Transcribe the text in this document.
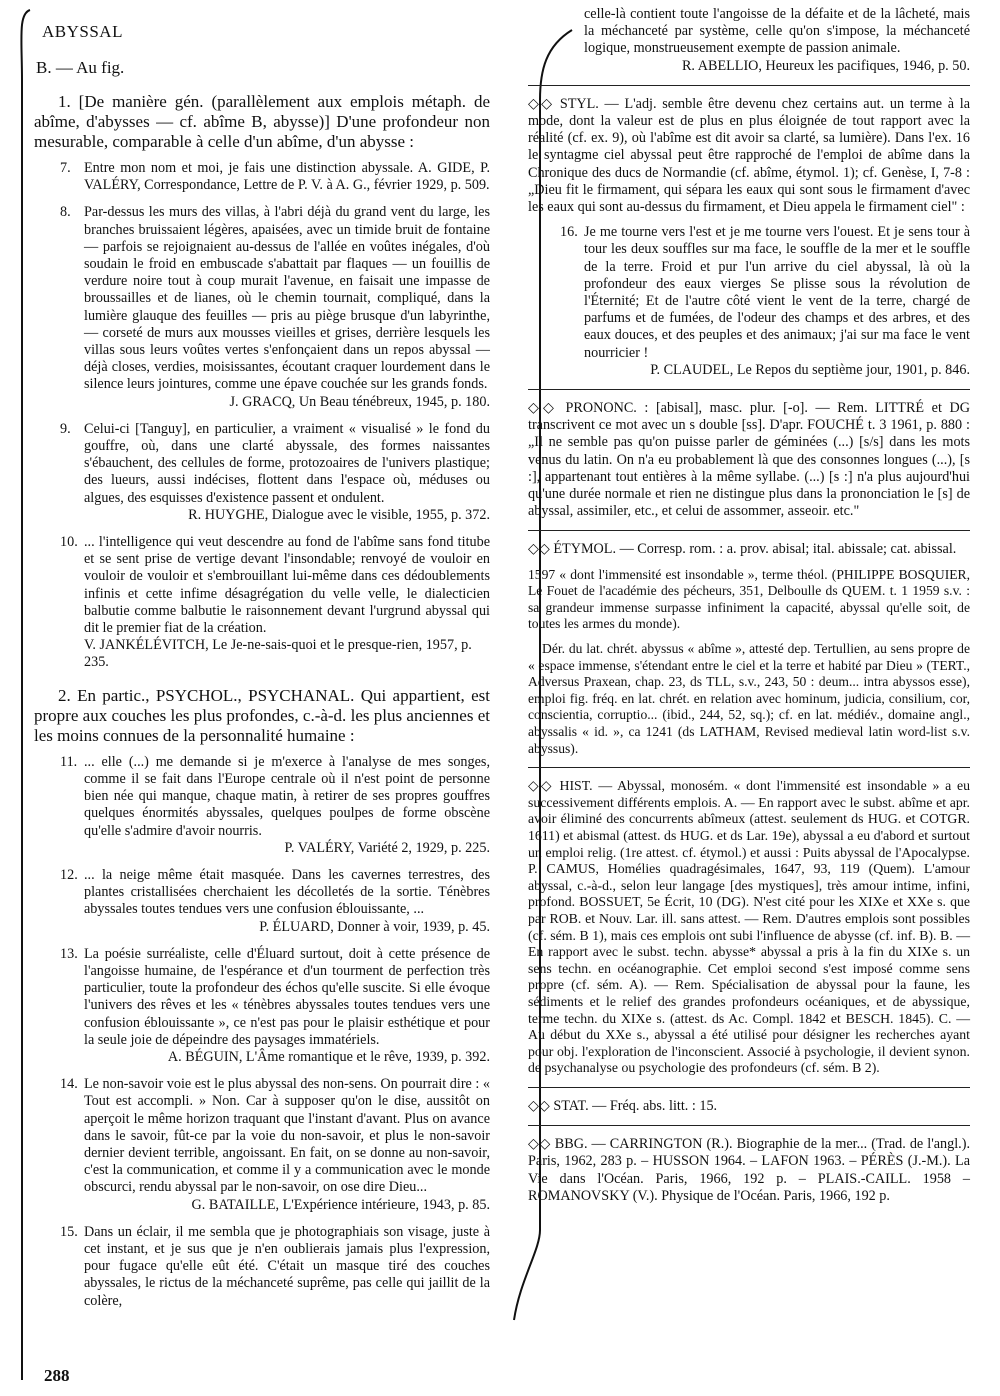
ABYSSAL

B. — Au fig.

1. [De manière gén. (parallèlement aux emplois métaph. de abîme, d'abysses — cf. abîme B, abysse)] D'une profondeur non mesurable, comparable à celle d'un abîme, d'un abysse :

7. Entre mon nom et moi, je fais une distinction abyssale. A. GIDE, P. VALÉRY, Correspondance, Lettre de P. V. à A. G., février 1929, p. 509.
8. Par-dessus les murs des villas, à l'abri déjà du grand vent du large, les branches bruissaient légères, apaisées, avec un timide bruit de fontaine — parfois se rejoignaient au-dessus de l'allée en voûtes inégales, d'où soudain le froid en embuscade s'abattait par flaques — un fouillis de verdure noire tout à coup murait l'avenue, en faisait une impasse de broussailles et de lianes, où le chemin tournait, compliqué, dans la lumière glauque des feuilles — pris au piège brusque d'un labyrinthe, — corseté de murs aux mousses vieilles et grises, derrière lesquels les villas sous leurs voûtes vertes s'enfonçaient dans un repos abyssal — déjà closes, verdies, moisissantes, écoutant craquer lourdement dans le silence leurs jointures, comme une épave couchée sur les grands fonds.
J. GRACQ, Un Beau ténébreux, 1945, p. 180.
9. Celui-ci [Tanguy], en particulier, a vraiment « visualisé » le fond du gouffre, où, dans une clarté abyssale, des formes naissantes s'ébauchent, des cellules de forme, protozoaires de l'univers plastique; des lueurs, aussi indécises, flottent dans l'espace où, méduses ou algues, des esquisses d'existence passent et ondulent.
R. HUYGHE, Dialogue avec le visible, 1955, p. 372.
10. ... l'intelligence qui veut descendre au fond de l'abîme sans fond titube et se sent prise de vertige devant l'insondable; renvoyé de vouloir en vouloir de vouloir et s'embrouillant lui-même dans ces dédoublements infinis et cette infime désagrégation du velle velle, le dialecticien balbutie comme balbutie le raisonnement devant l'urgrund abyssal qui dit le premier fiat de la création.
V. JANKÉLÉVITCH, Le Je-ne-sais-quoi et le presque-rien, 1957, p. 235.

2. En partic., PSYCHOL., PSYCHANAL. Qui appartient, est propre aux couches les plus profondes, c.-à-d. les plus anciennes et les moins connues de la personnalité humaine :

11. ... elle (...) me demande si je m'exerce à l'analyse de mes songes, comme il se fait dans l'Europe centrale où il n'est point de personne bien née qui manque, chaque matin, à retirer de ses propres gouffres quelques énormités abyssales, quelques poulpes de forme obscène qu'elle s'admire d'avoir nourris.
P. VALÉRY, Variété 2, 1929, p. 225.
12. ... la neige même était masquée. Dans les cavernes terrestres, des plantes cristallisées cherchaient les décolletés de la sortie. Ténèbres abyssales toutes tendues vers une confusion éblouissante, ...
P. ÉLUARD, Donner à voir, 1939, p. 45.
13. La poésie surréaliste, celle d'Éluard surtout, doit à cette présence de l'angoisse humaine, de l'espérance et d'un tourment de perfection très particulier, toute la profondeur des échos qu'elle suscite. Si elle évoque l'univers des rêves et les « ténèbres abyssales toutes tendues vers une confusion éblouissante », ce n'est pas pour le plaisir esthétique et pour la seule joie de dépeindre des paysages immatériels.
A. BÉGUIN, L'Âme romantique et le rêve, 1939, p. 392.
14. Le non-savoir voie est le plus abyssal des non-sens. On pourrait dire : « Tout est accompli. » Non. Car à supposer qu'on le dise, aussitôt on aperçoit le même horizon traquant que l'instant d'avant. Plus on avance dans le savoir, fût-ce par la voie du non-savoir, et plus le non-savoir dernier devient terrible, angoissant. En fait, on se donne au non-savoir, c'est la communication, et comme il y a communication avec le monde obscurci, rendu abyssal par le non-savoir, on ose dire Dieu...
G. BATAILLE, L'Expérience intérieure, 1943, p. 85.
15. Dans un éclair, il me sembla que je photographiais son visage, juste à cet instant, et je sus que je n'en oublierais jamais plus l'expression, pour fugace qu'elle eût été. C'était un masque tiré des couches abyssales, le rictus de la méchanceté suprême, pas celle qui jaillit de la colère,
288
celle-là contient toute l'angoisse de la défaite et de la lâcheté, mais la méchanceté par système, celle qu'on s'impose, la méchanceté logique, monstrueusement exempte de passion animale.
R. ABELLIO, Heureux les pacifiques, 1946, p. 50.

◇◇ STYL. — L'adj. semble être devenu chez certains aut. un terme à la mode, dont la valeur est de plus en plus éloignée de tout rapport avec la réalité (cf. ex. 9), où l'abîme est dit avoir sa clarté, sa lumière). Dans l'ex. 16 le syntagme ciel abyssal peut être rapproché de l'emploi de abîme dans la Chronique des ducs de Normandie (cf. abîme, étymol. 1); cf. Genèse, I, 7-8 : „Dieu fit le firmament, qui sépara les eaux qui sont sous le firmament d'avec les eaux qui sont au-dessus du firmament, et Dieu appela le firmament ciel" :

16. Je me tourne vers l'est et je me tourne vers l'ouest. Et je sens tour à tour les deux souffles sur ma face, le souffle de la mer et le souffle de la terre. Froid et pur l'un arrive du ciel abyssal, là où la profondeur des eaux vierges Se plisse sous la révolution de l'Éternité; Et de l'autre côté vient le vent de la terre, chargé de parfums et de fumées, de l'odeur des champs et des arbres, et des eaux douces, et des peuples et des animaux; j'ai sur ma face le vent nourricier !
P. CLAUDEL, Le Repos du septième jour, 1901, p. 846.

◇◇ PRONONC. : [abisal], masc. plur. [-o]. — Rem. LITTRÉ et DG transcrivent ce mot avec un s double [ss]. D'apr. FOUCHÉ t. 3 1961, p. 880 : „Il ne semble pas qu'on puisse parler de géminées (...) [s/s] dans les mots venus du latin. On n'a eu probablement là que des consonnes longues (...), [s :], appartenant tout entières à la même syllabe. (...) [s :] n'a plus aujourd'hui qu'une durée normale et rien ne distingue plus dans la prononciation le [s] de abyssal, assimiler, etc., et celui de assommer, asseoir. etc."

◇◇ ÉTYMOL. — Corresp. rom. : a. prov. abisal; ital. abissale; cat. abissal.

1597 « dont l'immensité est insondable », terme théol. (PHILIPPE BOSQUIER, Le Fouet de l'académie des pécheurs, 351, Delboulle ds QUEM. t. 1 1959 s.v. : sa grandeur immense surpasse infiniment la capacité, abyssal qu'elle soit, de toutes les armes du monde).

Dér. du lat. chrét. abyssus « abîme », attesté dep. Tertullien, au sens propre de « espace immense, s'étendant entre le ciel et la terre et habité par Dieu » (TERT., Adversus Praxean, chap. 23, ds TLL, s.v., 243, 50 : deum... intra abyssos esse), emploi fig. fréq. en lat. chrét. en relation avec hominum, judicia, consilium, cor, conscientia, corruptio... (ibid., 244, 52, sq.); cf. en lat. médiév., domaine angl., abyssalis « id. », ca 1241 (ds LATHAM, Revised medieval latin word-list s.v. abyssus).

◇◇ HIST. — Abyssal, monosém. « dont l'immensité est insondable » a eu successivement différents emplois. A. — En rapport avec le subst. abîme et apr. avoir éliminé des concurrents abîmeux (attest. seulement ds HUG. et COTGR. 1611) et abismal (attest. ds HUG. et ds Lar. 19e), abyssal a eu d'abord et surtout un emploi relig. (1re attest. cf. étymol.) et aussi : Puits abyssal de l'Apocalypse. P. CAMUS, Homélies quadragésimales, 1647, 93, 119 (Quem). L'amour abyssal, c.-à-d., selon leur langage [des mystiques], très amour intime, infini, profond. BOSSUET, 5e Écrit, 10 (DG). N'est cité pour les XIXe et XXe s. que par ROB. et Nouv. Lar. ill. sans attest. — Rem. D'autres emplois sont possibles (cf. sém. B 1), mais ces emplois ont subi l'influence de abysse (cf. inf. B). B. — En rapport avec le subst. techn. abysse* abyssal a pris à la fin du XIXe s. un sens techn. en océanographie. Cet emploi second s'est imposé comme sens propre (cf. sém. A). — Rem. Spécialisation de abyssal pour la faune, les sédiments et le relief des grandes profondeurs océaniques, et de abyssique, terme techn. du XIXe s. (attest. ds Ac. Compl. 1842 et BESCH. 1845). C. — Au début du XXe s., abyssal a été utilisé pour désigner les recherches ayant pour obj. l'exploration de l'inconscient. Associé à psychologie, il devient synon. de psychanalyse ou psychologie des profondeurs (cf. sém. B 2).

◇◇ STAT. — Fréq. abs. litt. : 15.

◇◇ BBG. — CARRINGTON (R.). Biographie de la mer... (Trad. de l'angl.). Paris, 1962, 283 p. – HUSSON 1964. – LAFON 1963. – PÉRÈS (J.-M.). La Vie dans l'Océan. Paris, 1966, 192 p. – PLAIS.-CAILL. 1958 – ROMANOVSKY (V.). Physique de l'Océan. Paris, 1966, 192 p.
